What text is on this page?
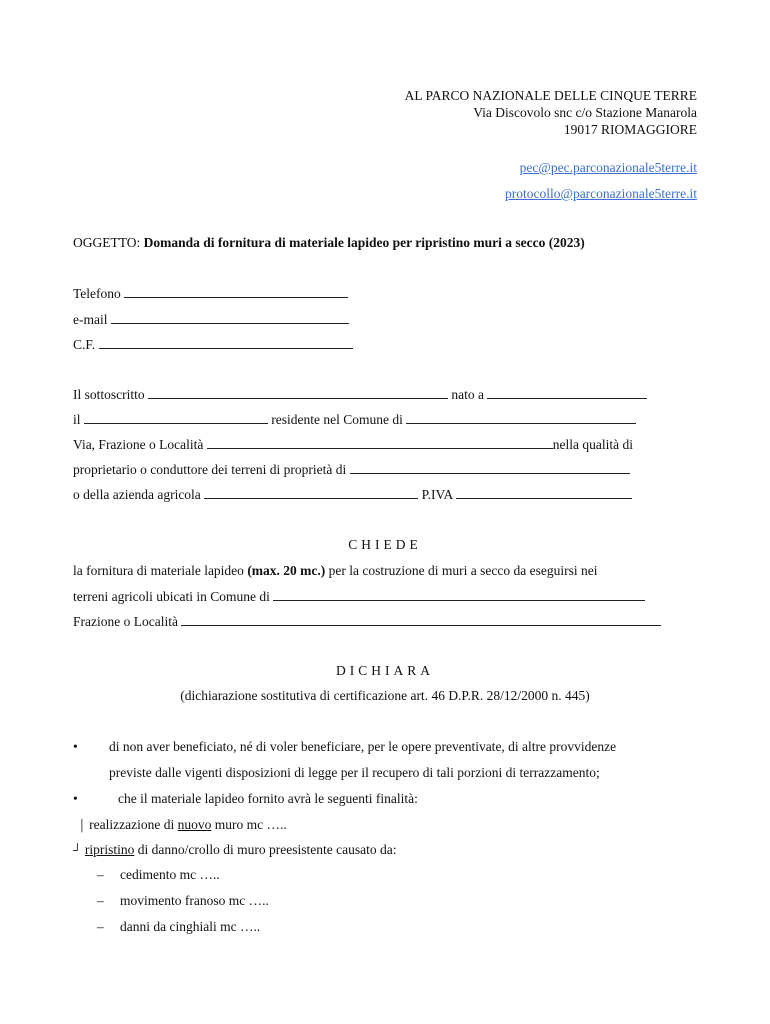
AL PARCO NAZIONALE DELLE CINQUE TERRE
Via Discovolo snc c/o Stazione Manarola
19017 RIOMAGGIORE
pec@pec.parconazionale5terre.it
protocollo@parconazionale5terre.it
OGGETTO: Domanda di fornitura di materiale lapideo per ripristino muri a secco (2023)
Telefono
e-mail
C.F.
Il sottoscritto	nato a
il	residente nel Comune di
Via, Frazione o Località	nella qualità di
proprietario o conduttore dei terreni di proprietà di
o della azienda agricola	P.IVA
CHIEDE
la fornitura di materiale lapideo (max. 20 mc.) per la costruzione di muri a secco da eseguirsi nei
terreni agricoli ubicati in Comune di
Frazione o Località
DICHIARA
(dichiarazione sostitutiva di certificazione art. 46 D.P.R. 28/12/2000 n. 445)
• di non aver beneficiato, né di voler beneficiare, per le opere preventivate, di altre provvidenze
previste dalle vigenti disposizioni di legge per il recupero di tali porzioni di terrazzamento;
•	che il materiale lapideo fornito avrà le seguenti finalità:
│ realizzazione di nuovo muro mc …..
┘ ripristino di danno/crollo di muro preesistente causato da:
– cedimento mc …..
– movimento franoso mc …..
– danni da cinghiali mc …..
